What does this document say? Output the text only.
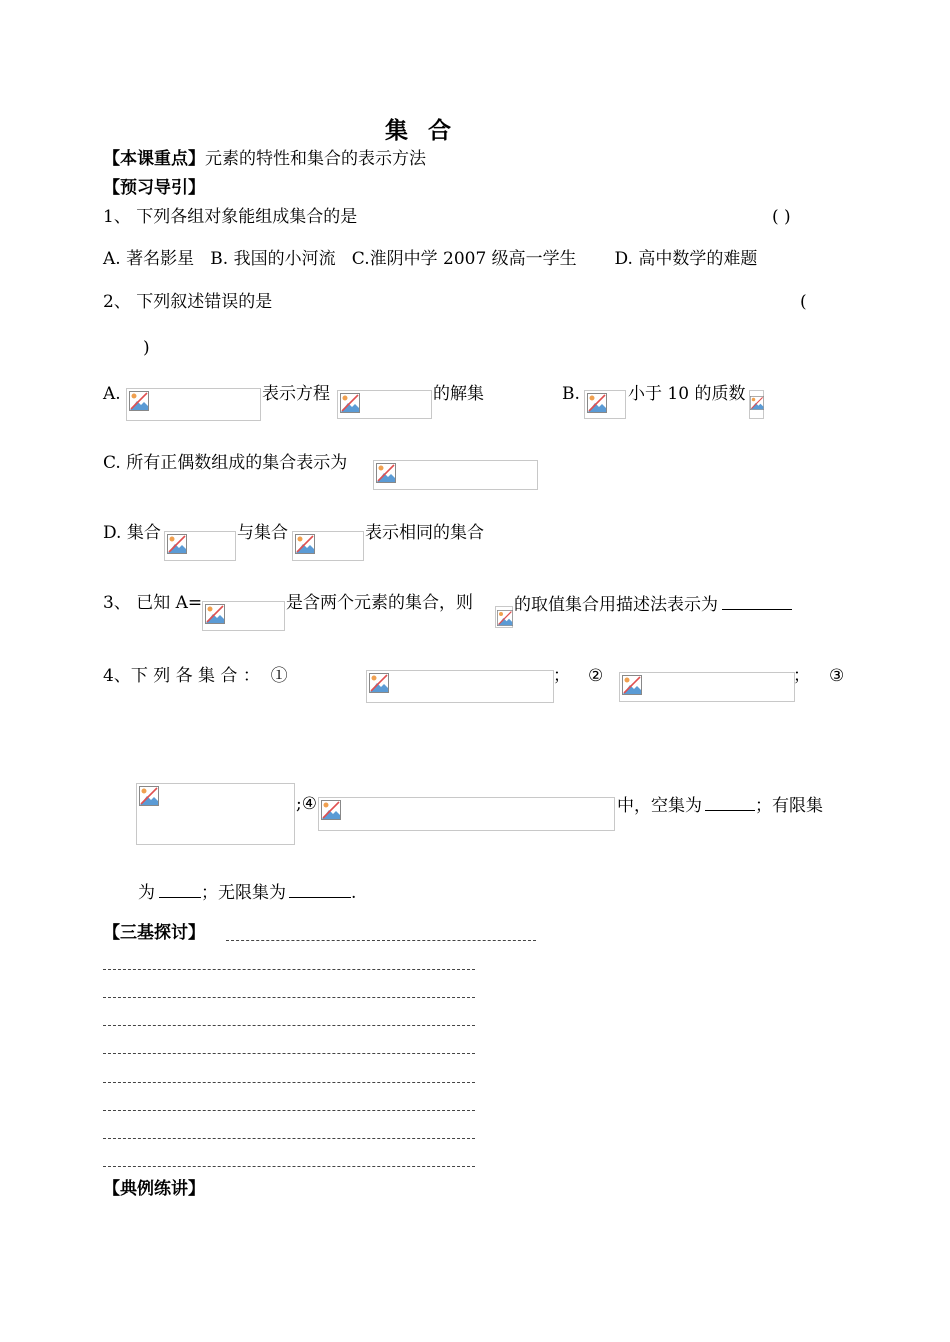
集 合
【本课重点】元素的特性和集合的表示方法
【预习导引】
1、 下列各组对象能组成集合的是	( )
A. 著名影星   B. 我国的小河流   C.淮阴中学 2007 级高一学生       D. 高中数学的难题
2、 下列叙述错误的是	(
)
A.	表示方程	的解集	B.	小于 10 的质数
C. 所有正偶数组成的集合表示为
D. 集合	与集合	表示相同的集合
3、 已知 A=	是含两个元素的集合，则 的取值集合用描述法表示为
4、下 列 各 集 合 ：  ①	； ②	； ③
;④	中，空集为	；有限集
为	；无限集为	.
【三基探讨】
【典例练讲】
